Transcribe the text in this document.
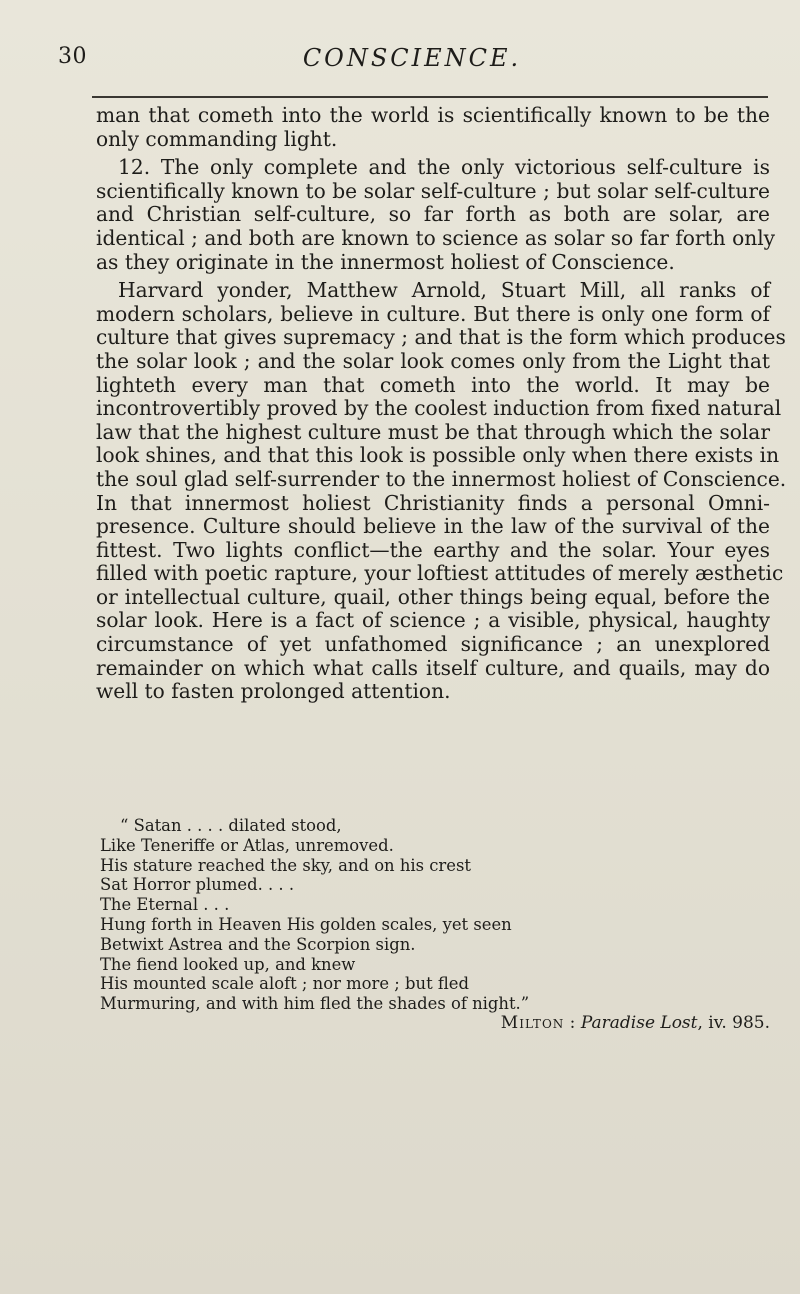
30	CONSCIENCE.

man that cometh into the world is scientifically known to be the
only commanding light.

12. The only complete and the only victorious self-culture is
scientifically known to be solar self-culture ; but solar self-culture
and Christian self-culture, so far forth as both are solar, are
identical ; and both are known to science as solar so far forth only
as they originate in the innermost holiest of Conscience.

Harvard yonder, Matthew Arnold, Stuart Mill, all ranks of
modern scholars, believe in culture. But there is only one form of
culture that gives supremacy ; and that is the form which produces
the solar look ; and the solar look comes only from the Light that
lighteth every man that cometh into the world. It may be
incontrovertibly proved by the coolest induction from fixed natural
law that the highest culture must be that through which the solar
look shines, and that this look is possible only when there exists in
the soul glad self-surrender to the innermost holiest of Conscience.
In that innermost holiest Christianity finds a personal Omni-
presence. Culture should believe in the law of the survival of the
fittest. Two lights conflict—the earthy and the solar. Your eyes
filled with poetic rapture, your loftiest attitudes of merely æsthetic
or intellectual culture, quail, other things being equal, before the
solar look. Here is a fact of science ; a visible, physical, haughty
circumstance of yet unfathomed significance ; an unexplored
remainder on which what calls itself culture, and quails, may do
well to fasten prolonged attention.

“ Satan . . . . dilated stood,
Like Teneriffe or Atlas, unremoved.
His stature reached the sky, and on his crest
Sat Horror plumed. . . .
The Eternal . . .
Hung forth in Heaven His golden scales, yet seen
Betwixt Astrea and the Scorpion sign.
The fiend looked up, and knew
His mounted scale aloft ; nor more ; but fled
Murmuring, and with him fled the shades of night.”
Milton : Paradise Lost, iv. 985.
